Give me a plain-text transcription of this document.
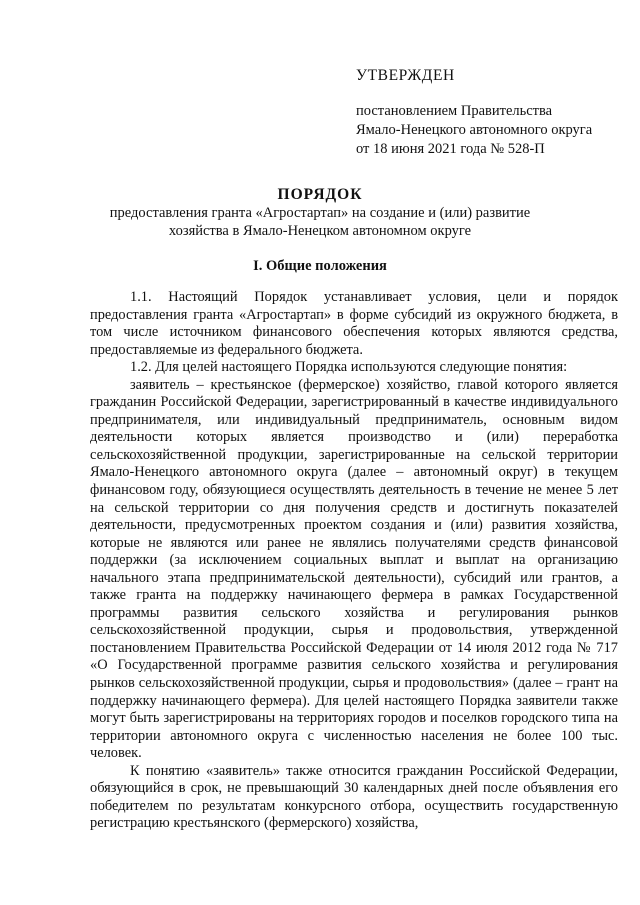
УТВЕРЖДЕН
постановлением Правительства
Ямало-Ненецкого автономного округа
от 18 июня 2021 года № 528-П
ПОРЯДОК
предоставления гранта «Агростартап» на создание и (или) развитие хозяйства в Ямало-Ненецком автономном округе
I. Общие положения

1.1. Настоящий Порядок устанавливает условия, цели и порядок предоставления гранта «Агростартап» в форме субсидий из окружного бюджета, в том числе источником финансового обеспечения которых являются средства, предоставляемые из федерального бюджета.

1.2. Для целей настоящего Порядка используются следующие понятия:

заявитель – крестьянское (фермерское) хозяйство, главой которого является гражданин Российской Федерации, зарегистрированный в качестве индивидуального предпринимателя, или индивидуальный предприниматель, основным видом деятельности которых является производство и (или) переработка сельскохозяйственной продукции, зарегистрированные на сельской территории Ямало-Ненецкого автономного округа (далее – автономный округ) в текущем финансовом году, обязующиеся осуществлять деятельность в течение не менее 5 лет на сельской территории со дня получения средств и достигнуть показателей деятельности, предусмотренных проектом создания и (или) развития хозяйства, которые не являются или ранее не являлись получателями средств финансовой поддержки (за исключением социальных выплат и выплат на организацию начального этапа предпринимательской деятельности), субсидий или грантов, а также гранта на поддержку начинающего фермера в рамках Государственной программы развития сельского хозяйства и регулирования рынков сельскохозяйственной продукции, сырья и продовольствия, утвержденной постановлением Правительства Российской Федерации от 14 июля 2012 года № 717 «О Государственной программе развития сельского хозяйства и регулирования рынков сельскохозяйственной продукции, сырья и продовольствия» (далее – грант на поддержку начинающего фермера). Для целей настоящего Порядка заявители также могут быть зарегистрированы на территориях городов и поселков городского типа на территории автономного округа с численностью населения не более 100 тыс. человек.

К понятию «заявитель» также относится гражданин Российской Федерации, обязующийся в срок, не превышающий 30 календарных дней после объявления его победителем по результатам конкурсного отбора, осуществить государственную регистрацию крестьянского (фермерского) хозяйства,
